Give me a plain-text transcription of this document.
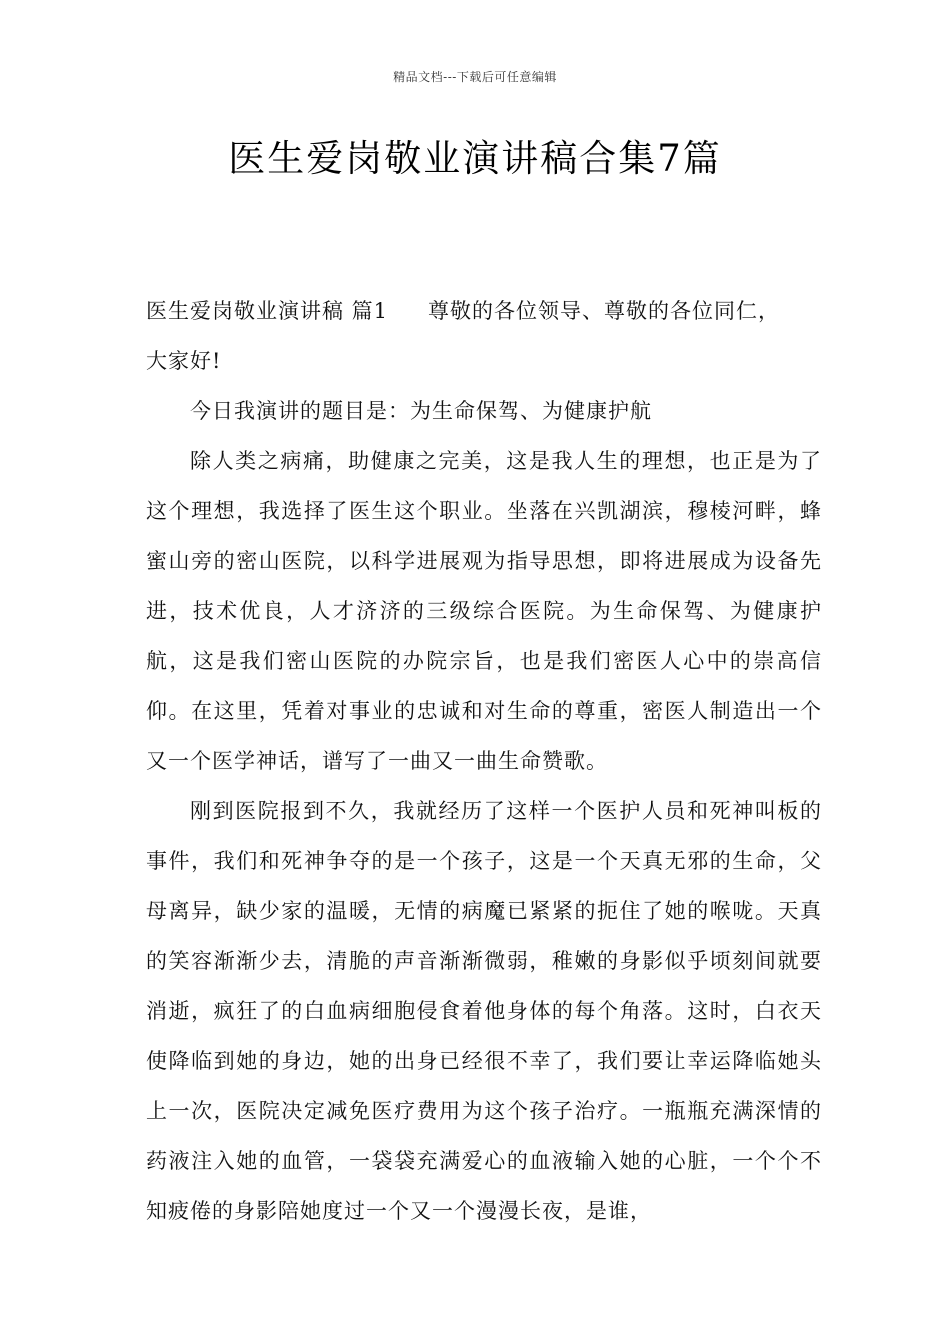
精品文档---下载后可任意编辑
医生爱岗敬业演讲稿合集7篇

医生爱岗敬业演讲稿 篇1 尊敬的各位领导、尊敬的各位同仁，

大家好!

今日我演讲的题目是：为生命保驾、为健康护航

除人类之病痛，助健康之完美，这是我人生的理想，也正是为了这个理想，我选择了医生这个职业。坐落在兴凯湖滨，穆棱河畔，蜂蜜山旁的密山医院，以科学进展观为指导思想，即将进展成为设备先进，技术优良，人才济济的三级综合医院。为生命保驾、为健康护航，这是我们密山医院的办院宗旨，也是我们密医人心中的崇高信仰。在这里，凭着对事业的忠诚和对生命的尊重，密医人制造出一个又一个医学神话，谱写了一曲又一曲生命赞歌。

刚到医院报到不久，我就经历了这样一个医护人员和死神叫板的事件，我们和死神争夺的是一个孩子，这是一个天真无邪的生命，父母离异，缺少家的温暖，无情的病魔已紧紧的扼住了她的喉咙。天真的笑容渐渐少去，清脆的声音渐渐微弱，稚嫩的身影似乎顷刻间就要消逝，疯狂了的白血病细胞侵食着他身体的每个角落。这时，白衣天使降临到她的身边，她的出身已经很不幸了，我们要让幸运降临她头上一次，医院决定减免医疗费用为这个孩子治疗。一瓶瓶充满深情的药液注入她的血管，一袋袋充满爱心的血液输入她的心脏，一个个不知疲倦的身影陪她度过一个又一个漫漫长夜，是谁，
